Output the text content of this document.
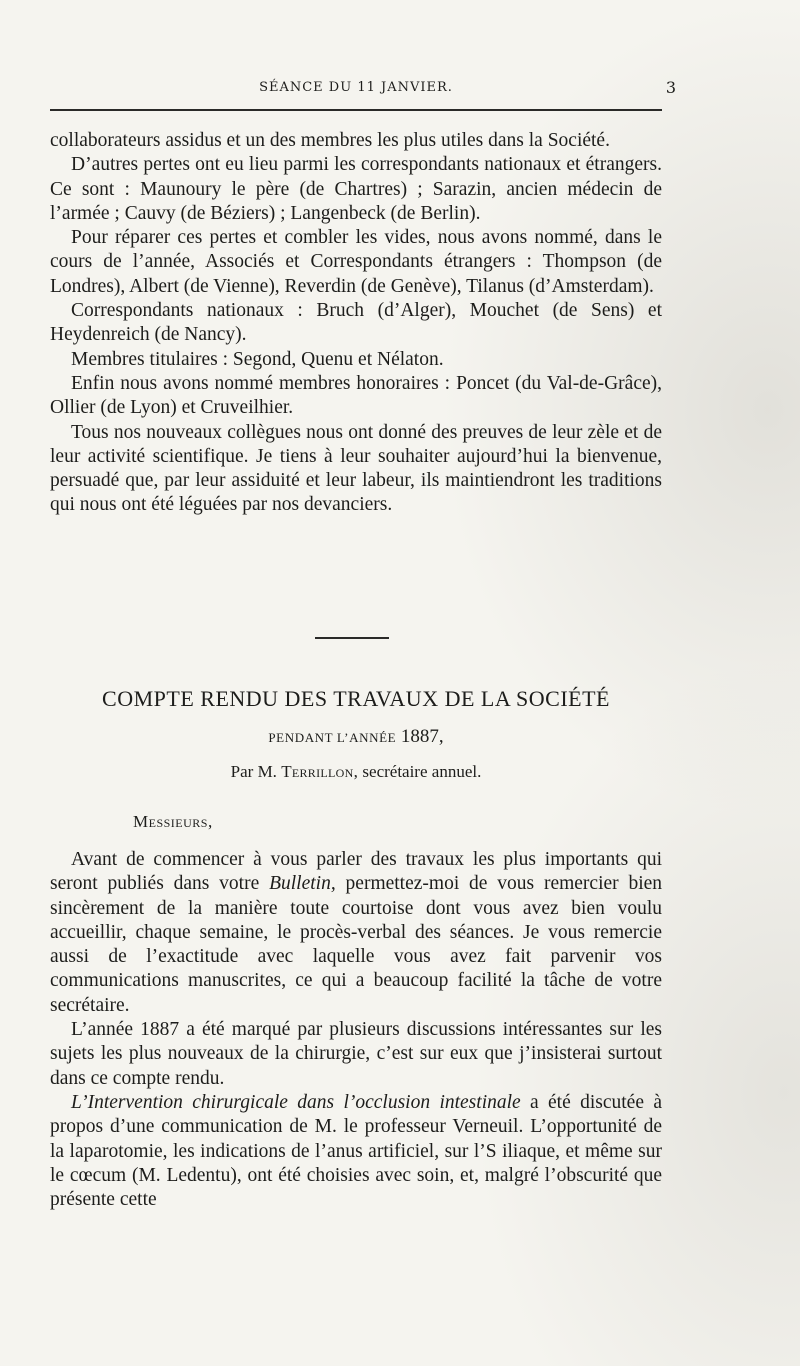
SÉANCE DU 11 JANVIER.	3

collaborateurs assidus et un des membres les plus utiles dans la Société.

D’autres pertes ont eu lieu parmi les correspondants nationaux et étrangers. Ce sont : Maunoury le père (de Chartres) ; Sarazin, ancien médecin de l’armée ; Cauvy (de Béziers) ; Langenbeck (de Berlin).

Pour réparer ces pertes et combler les vides, nous avons nommé, dans le cours de l’année, Associés et Correspondants étrangers : Thompson (de Londres), Albert (de Vienne), Reverdin (de Genève), Tilanus (d’Amsterdam).

Correspondants nationaux : Bruch (d’Alger), Mouchet (de Sens) et Heydenreich (de Nancy).

Membres titulaires : Segond, Quenu et Nélaton.

Enfin nous avons nommé membres honoraires : Poncet (du Val-de-Grâce), Ollier (de Lyon) et Cruveilhier.

Tous nos nouveaux collègues nous ont donné des preuves de leur zèle et de leur activité scientifique. Je tiens à leur souhaiter aujourd’hui la bienvenue, persuadé que, par leur assiduité et leur labeur, ils maintiendront les traditions qui nous ont été léguées par nos devanciers.

COMPTE RENDU DES TRAVAUX DE LA SOCIÉTÉ
PENDANT L’ANNÉE 1887,
Par M. Terrillon, secrétaire annuel.
Messieurs,

Avant de commencer à vous parler des travaux les plus importants qui seront publiés dans votre Bulletin, permettez-moi de vous remercier bien sincèrement de la manière toute courtoise dont vous avez bien voulu accueillir, chaque semaine, le procès-verbal des séances. Je vous remercie aussi de l’exactitude avec laquelle vous avez fait parvenir vos communications manuscrites, ce qui a beaucoup facilité la tâche de votre secrétaire.

L’année 1887 a été marqué par plusieurs discussions intéressantes sur les sujets les plus nouveaux de la chirurgie, c’est sur eux que j’insisterai surtout dans ce compte rendu.

L’Intervention chirurgicale dans l’occlusion intestinale a été discutée à propos d’une communication de M. le professeur Verneuil. L’opportunité de la laparotomie, les indications de l’anus artificiel, sur l’S iliaque, et même sur le cœcum (M. Ledentu), ont été choisies avec soin, et, malgré l’obscurité que présente cette
